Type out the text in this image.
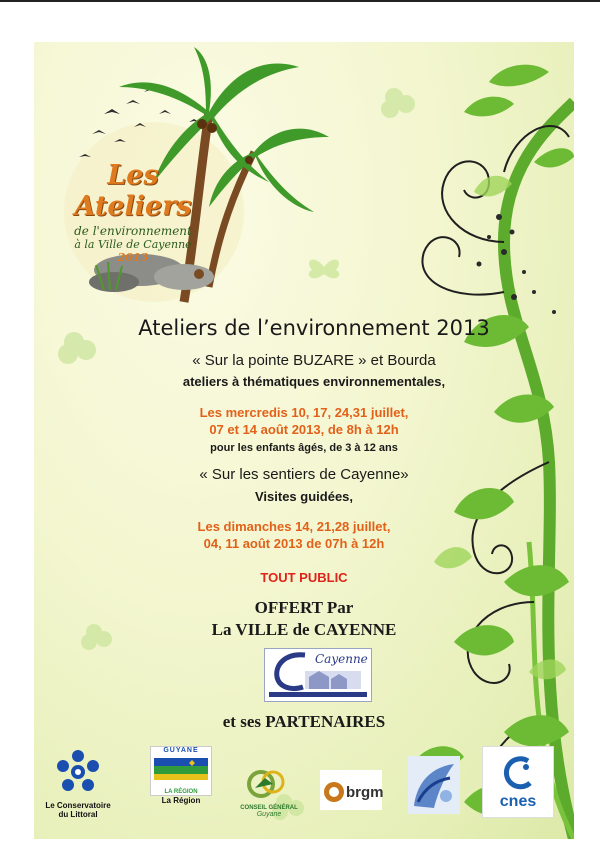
Les Ateliers
de l'environnement
à la Ville de Cayenne
2013
Ateliers de l’environnement 2013
« Sur la pointe BUZARE » et Bourda
ateliers à thématiques environnementales,
Les mercredis 10, 17, 24,31 juillet,
07 et 14 août 2013, de 8h à 12h
pour les enfants âgés, de 3 à 12 ans
« Sur les sentiers de Cayenne»
Visites guidées,
Les dimanches 14, 21,28 juillet,
04, 11 août 2013 de 07h à 12h
TOUT PUBLIC
OFFERT Par
La VILLE de CAYENNE
Cayenne
et ses PARTENAIRES
Le Conservatoire du Littoral
GUYANE
LA RÉGION
La Région
CONSEIL GÉNÉRAL
Guyane
brgm
cnes
